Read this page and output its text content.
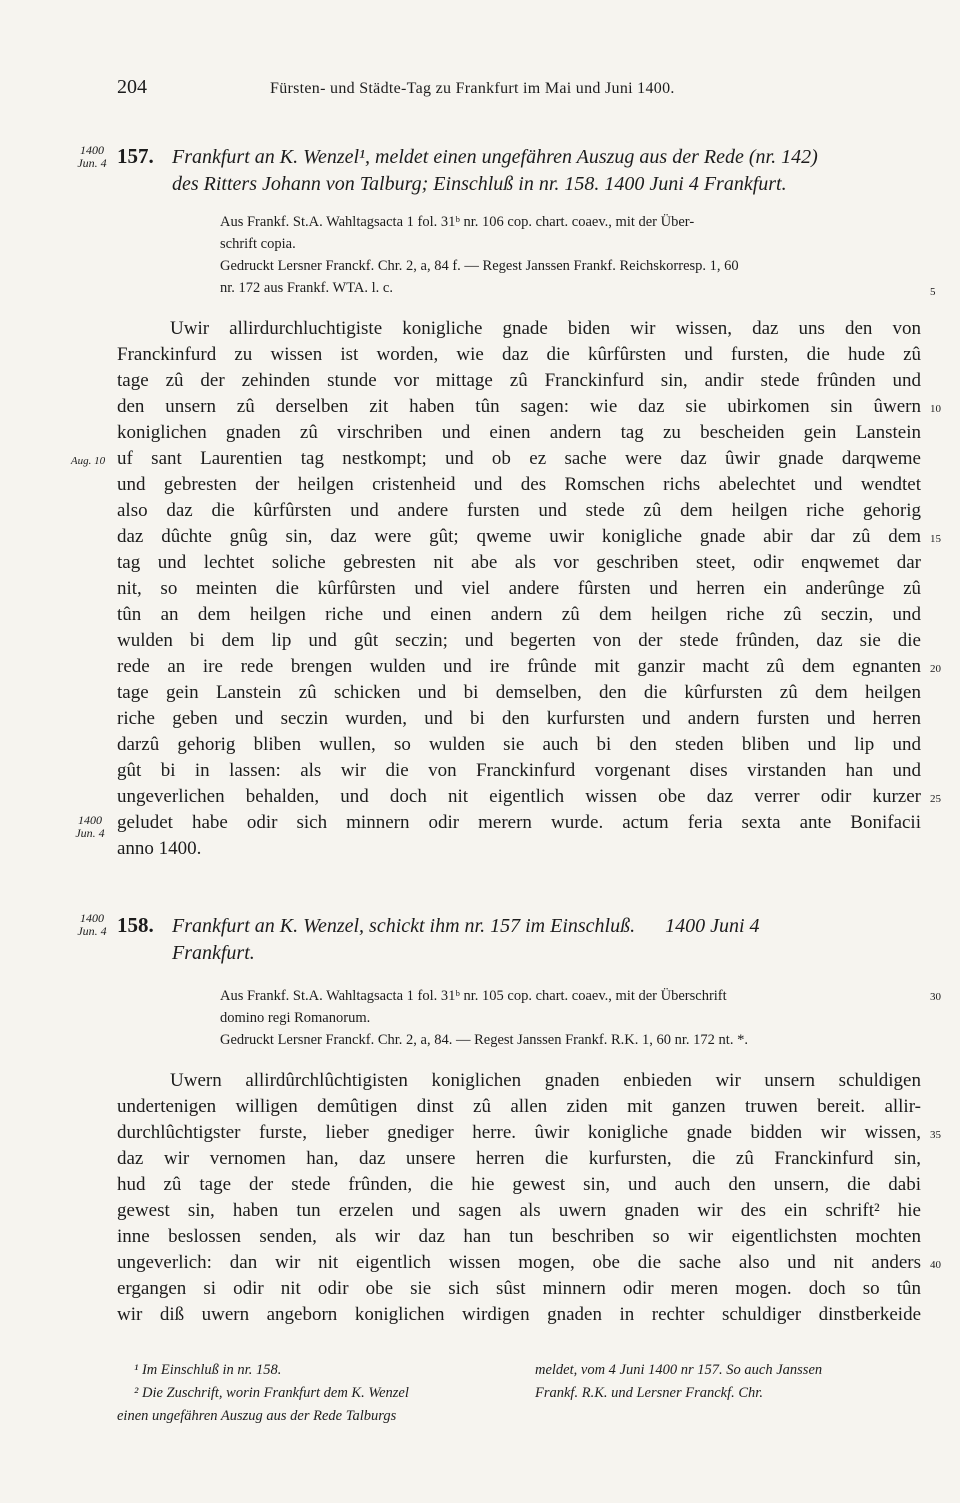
204	Fürsten- und Städte-Tag zu Frankfurt im Mai und Juni 1400.
1400
Jun. 4 157. Frankfurt an K. Wenzel¹, meldet einen ungefähren Auszug aus der Rede (nr. 142)
des Ritters Johann von Talburg; Einschluß in nr. 158. 1400 Juni 4 Frankfurt.
Aus Frankf. St.A. Wahltagsacta 1 fol. 31ᵇ nr. 106 cop. chart. coaev., mit der Über-
schrift copia.
Gedruckt Lersner Franckf. Chr. 2, a, 84 f. — Regest Janssen Frankf. Reichskorresp. 1, 60
nr. 172 aus Frankf. WTA. l. c.
Uwir allirdurchluchtigiste konigliche gnade biden wir wissen, daz uns den von
Franckinfurd zu wissen ist worden, wie daz die kûrfûrsten und fursten, die hude zû
tage zû der zehinden stunde vor mittage zû Franckinfurd sin, andir stede frûnden und
den unsern zû derselben zit haben tûn sagen: wie daz sie ubirkomen sin ûwern
koniglichen gnaden zû virschriben und einen andern tag zu bescheiden gein Lanstein
uf sant Laurentien tag nestkompt; und ob ez sache were daz ûwir gnade darqweme
und gebresten der heilgen cristenheid und des Romschen richs abelechtet und wendtet
also daz die kûrfûrsten und andere fursten und stede zû dem heilgen riche gehorig
daz dûchte gnûg sin, daz were gût; qweme uwir konigliche gnade abir dar zû dem
tag und lechtet soliche gebresten nit abe als vor geschriben steet, odir enqwemet dar
nit, so meinten die kûrfûrsten und viel andere fûrsten und herren ein anderûnge zû
tûn an dem heilgen riche und einen andern zû dem heilgen riche zû seczin, und
wulden bi dem lip und gût seczin; und begerten von der stede frûnden, daz sie die
rede an ire rede brengen wulden und ire frûnde mit ganzir macht zû dem egnanten
tage gein Lanstein zû schicken und bi demselben, den die kûrfursten zû dem heilgen
riche geben und seczin wurden, und bi den kurfursten und andern fursten und herren
darzû gehorig bliben wullen, so wulden sie auch bi den steden bliben und lip und
gût bi in lassen: als wir die von Franckinfurd vorgenant dises virstanden han und
ungeverlichen behalden, und doch nit eigentlich wissen obe daz verrer odir kurzer
geludet habe odir sich minnern odir merern wurde. actum feria sexta ante Bonifacii
anno 1400.
Aug. 10
1400
Jun. 4
1400
Jun. 4 158. Frankfurt an K. Wenzel, schickt ihm nr. 157 im Einschluß.      1400 Juni 4
Frankfurt.
Aus Frankf. St.A. Wahltagsacta 1 fol. 31ᵇ nr. 105 cop. chart. coaev., mit der Überschrift
domino regi Romanorum.
Gedruckt Lersner Franckf. Chr. 2, a, 84. — Regest Janssen Frankf. R.K. 1, 60 nr. 172 nt. *.
Uwern allirdûrchlûchtigisten koniglichen gnaden enbieden wir unsern schuldigen
undertenigen willigen demûtigen dinst zû allen ziden mit ganzen truwen bereit. allir-
durchlûchtigster furste, lieber gnediger herre. ûwir konigliche gnade bidden wir wissen,
daz wir vernomen han, daz unsere herren die kurfursten, die zû Franckinfurd sin,
hud zû tage der stede frûnden, die hie gewest sin, und auch den unsern, die dabi
gewest sin, haben tun erzelen und sagen als uwern gnaden wir des ein schrift² hie
inne beslossen senden, als wir daz han tun beschriben so wir eigentlichsten mochten
ungeverlich: dan wir nit eigentlich wissen mogen, obe die sache also und nit anders
ergangen si odir nit odir obe sie sich sûst minnern odir meren mogen. doch so tûn
wir diß uwern angeborn koniglichen wirdigen gnaden in rechter schuldiger dinstberkeide
5
10
15
20
25
30
35
40
¹ Im Einschluß in nr. 158.
² Die Zuschrift, worin Frankfurt dem K. Wenzel
einen ungefähren Auszug aus der Rede Talburgs
meldet, vom 4 Juni 1400 nr 157. So auch Janssen
Frankf. R.K. und Lersner Franckf. Chr.
